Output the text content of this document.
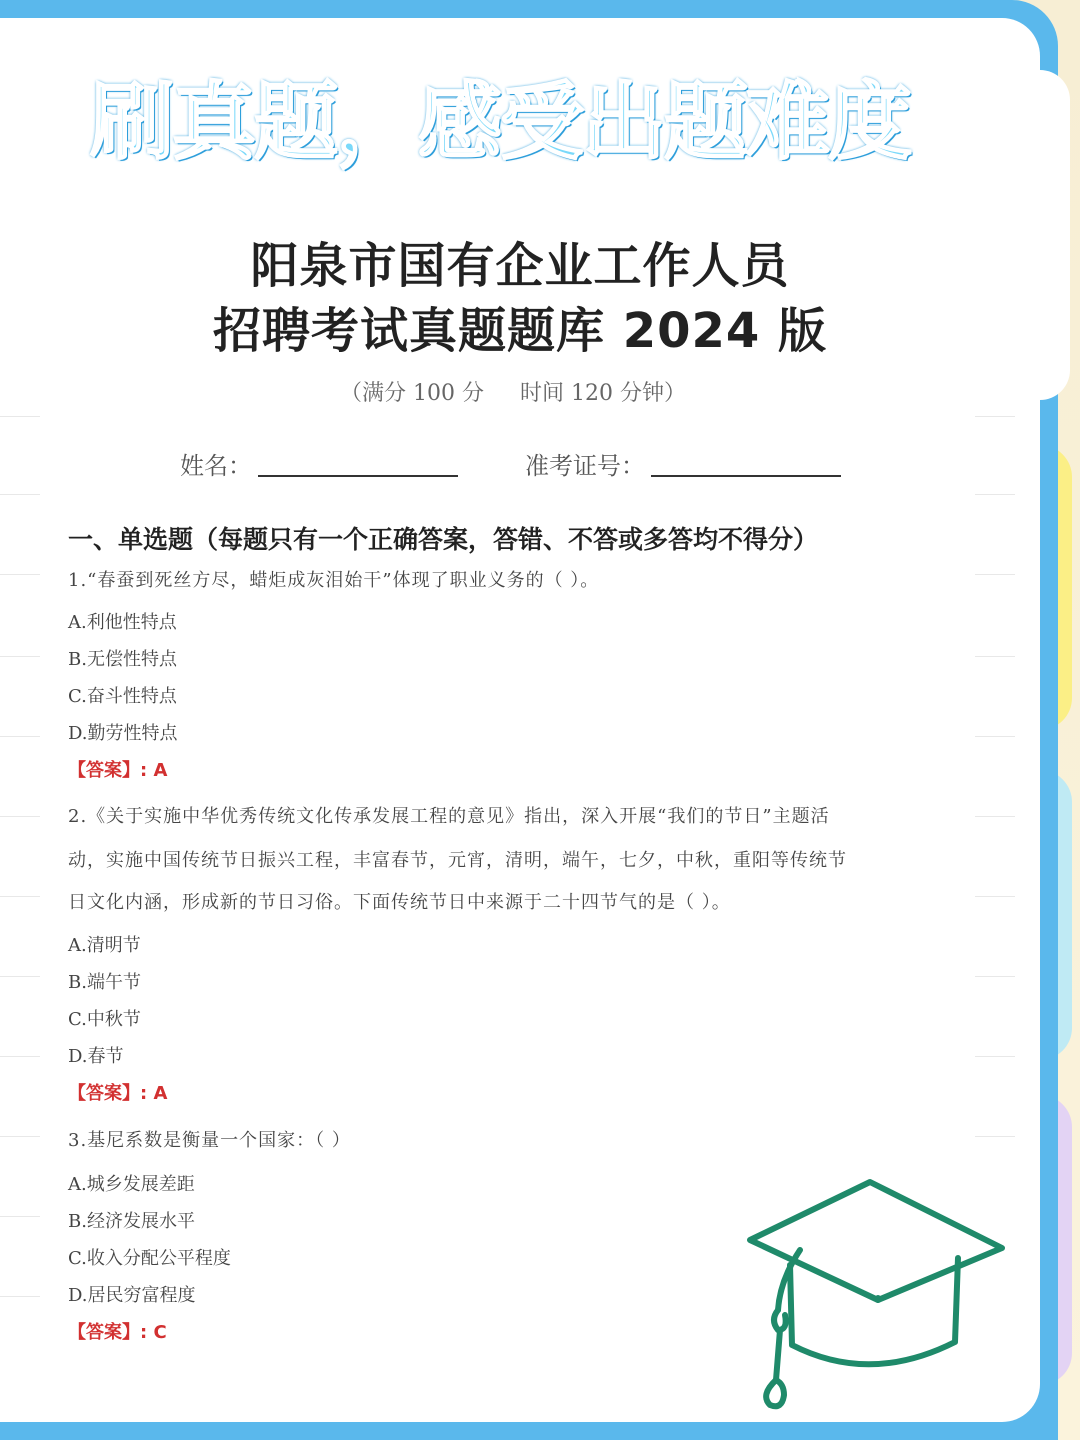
刷真题，感受出题难度
阳泉市国有企业工作人员
招聘考试真题题库 2024 版
（满分 100 分 时间 120 分钟）
姓名：	准考证号：
一、单选题（每题只有一个正确答案，答错、不答或多答均不得分）
1.“春蚕到死丝方尽，蜡炬成灰泪始干”体现了职业义务的（ ）。
A.利他性特点
B.无偿性特点
C.奋斗性特点
D.勤劳性特点
【答案】: A
2.《关于实施中华优秀传统文化传承发展工程的意见》指出，深入开展“我们的节日”主题活
动，实施中国传统节日振兴工程，丰富春节，元宵，清明，端午，七夕，中秋，重阳等传统节
日文化内涵，形成新的节日习俗。下面传统节日中来源于二十四节气的是（ ）。
A.清明节
B.端午节
C.中秋节
D.春节
【答案】: A
3.基尼系数是衡量一个国家：（ ）
A.城乡发展差距
B.经济发展水平
C.收入分配公平程度
D.居民穷富程度
【答案】: C
